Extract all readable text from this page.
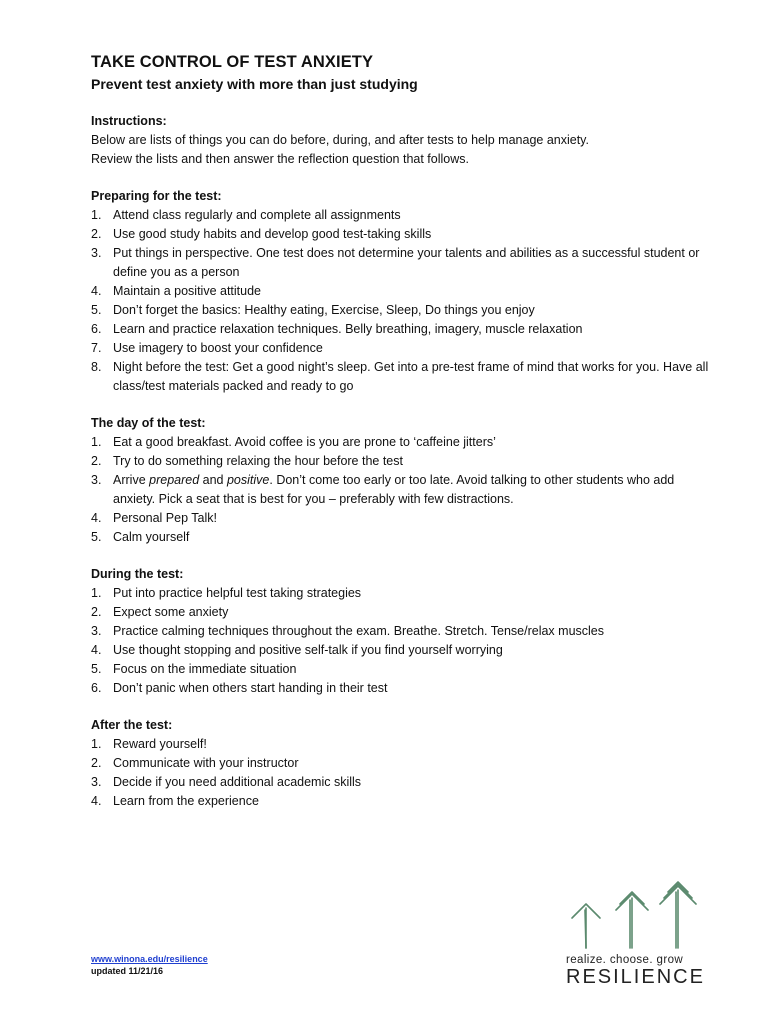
TAKE CONTROL OF TEST ANXIETY
Prevent test anxiety with more than just studying
Instructions:
Below are lists of things you can do before, during, and after tests to help manage anxiety.
Review the lists and then answer the reflection question that follows.
Preparing for the test:
1. Attend class regularly and complete all assignments
2. Use good study habits and develop good test-taking skills
3. Put things in perspective. One test does not determine your talents and abilities as a successful student or define you as a person
4. Maintain a positive attitude
5. Don’t forget the basics: Healthy eating, Exercise, Sleep, Do things you enjoy
6. Learn and practice relaxation techniques. Belly breathing, imagery, muscle relaxation
7. Use imagery to boost your confidence
8. Night before the test: Get a good night’s sleep. Get into a pre-test frame of mind that works for you. Have all class/test materials packed and ready to go
The day of the test:
1. Eat a good breakfast. Avoid coffee is you are prone to ‘caffeine jitters’
2. Try to do something relaxing the hour before the test
3. Arrive prepared and positive. Don’t come too early or too late. Avoid talking to other students who add anxiety. Pick a seat that is best for you – preferably with few distractions.
4. Personal Pep Talk!
5. Calm yourself
During the test:
1. Put into practice helpful test taking strategies
2. Expect some anxiety
3. Practice calming techniques throughout the exam. Breathe. Stretch. Tense/relax muscles
4. Use thought stopping and positive self-talk if you find yourself worrying
5. Focus on the immediate situation
6. Don’t panic when others start handing in their test
After the test:
1. Reward yourself!
2. Communicate with your instructor
3. Decide if you need additional academic skills
4. Learn from the experience
www.winona.edu/resilience
updated 11/21/16
realize. choose. grow
RESILIENCE
